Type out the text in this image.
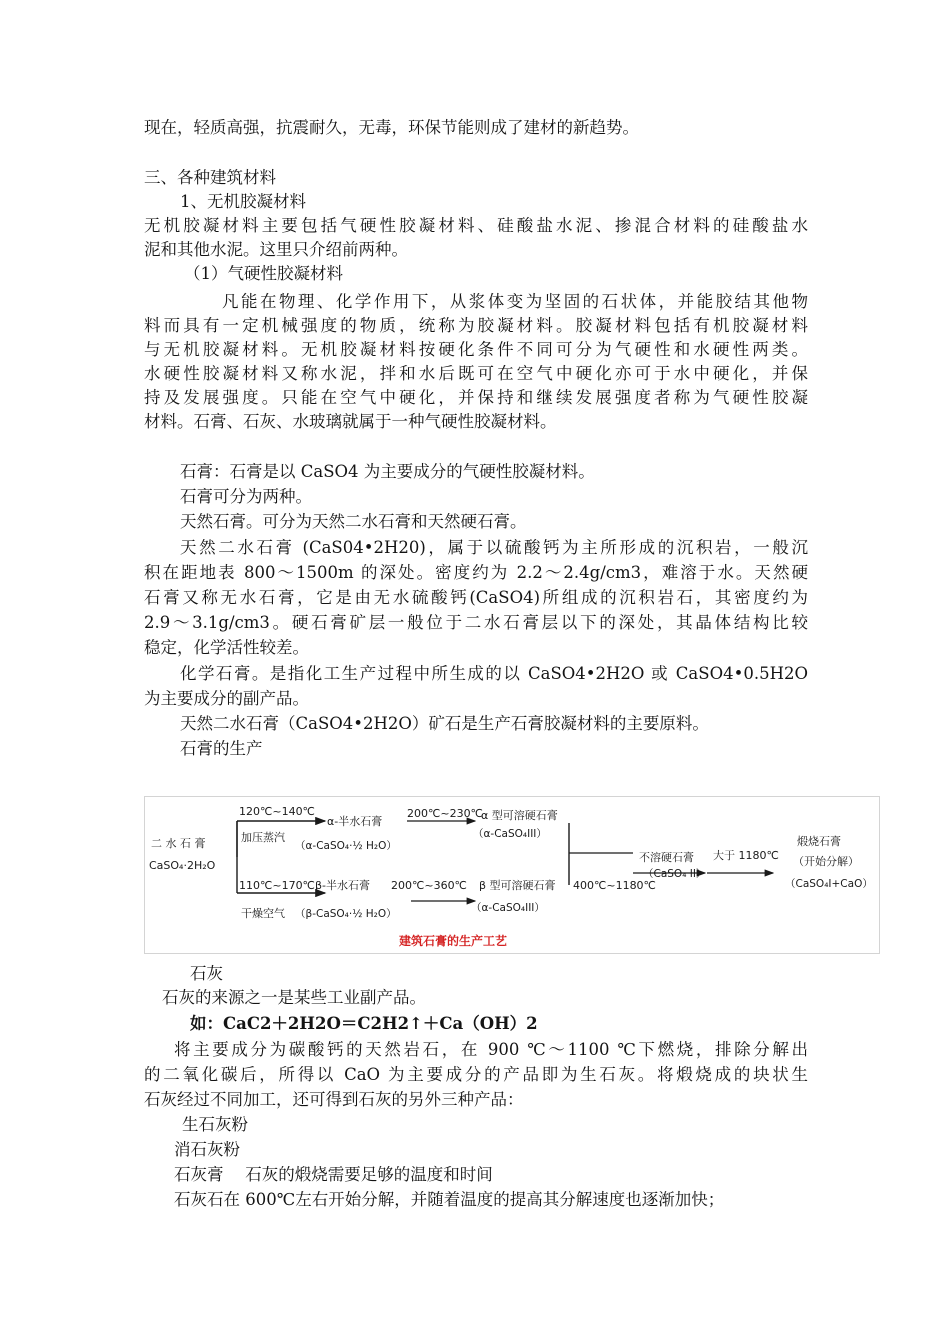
现在，轻质高强，抗震耐久，无毒，环保节能则成了建材的新趋势。
三、各种建筑材料
1、无机胶凝材料
无机胶凝材料主要包括气硬性胶凝材料、硅酸盐水泥、掺混合材料的硅酸盐水
泥和其他水泥。这里只介绍前两种。
（1）气硬性胶凝材料
凡能在物理、化学作用下，从浆体变为坚固的石状体，并能胶结其他物
料而具有一定机械强度的物质，统称为胶凝材料。胶凝材料包括有机胶凝材料
与无机胶凝材料。无机胶凝材料按硬化条件不同可分为气硬性和水硬性两类。
水硬性胶凝材料又称水泥，拌和水后既可在空气中硬化亦可于水中硬化，并保
持及发展强度。只能在空气中硬化，并保持和继续发展强度者称为气硬性胶凝
材料。石膏、石灰、水玻璃就属于一种气硬性胶凝材料。
石膏：石膏是以 CaSO4 为主要成分的气硬性胶凝材料。
石膏可分为两种。
天然石膏。可分为天然二水石膏和天然硬石膏。
天然二水石膏 (CaS04•2H20)，属于以硫酸钙为主所形成的沉积岩，一般沉
积在距地表 800～1500m 的深处。密度约为 2.2～2.4g/cm3，难溶于水。天然硬
石膏又称无水石膏，它是由无水硫酸钙(CaSO4)所组成的沉积岩石，其密度约为
2.9～3.1g/cm3。硬石膏矿层一般位于二水石膏层以下的深处，其晶体结构比较
稳定，化学活性较差。
化学石膏。是指化工生产过程中所生成的以 CaSO4•2H2O 或 CaSO4•0.5H2O
为主要成分的副产品。
天然二水石膏（CaSO4•2H2O）矿石是生产石膏胶凝材料的主要原料。
石膏的生产
二 水 石 膏
CaSO₄·2H₂O
120℃~140℃
α-半水石膏
加压蒸汽
（α-CaSO₄·½ H₂O）
200℃~230℃
α 型可溶硬石膏
（α-CaSO₄III）
110℃~170℃ β-半水石膏
干燥空气 （β-CaSO₄·½ H₂O）
200℃~360℃ β 型可溶硬石膏
（α-CaSO₄III）
400℃~1180℃
不溶硬石膏
（CaSO₄ II）
大于 1180℃
煅烧石膏
（开始分解）
（CaSO₄I+CaO）
建筑石膏的生产工艺
石灰
石灰的来源之一是某些工业副产品。
如：CaC2＋2H2O＝C2H2↑＋Ca（OH）2
将主要成分为碳酸钙的天然岩石，在 900 ℃～1100 ℃下燃烧，排除分解出
的二氧化碳后，所得以 CaO 为主要成分的产品即为生石灰。将煅烧成的块状生
石灰经过不同加工，还可得到石灰的另外三种产品：
生石灰粉
消石灰粉
石灰膏　 石灰的煅烧需要足够的温度和时间
石灰石在 600℃左右开始分解，并随着温度的提高其分解速度也逐渐加快；
